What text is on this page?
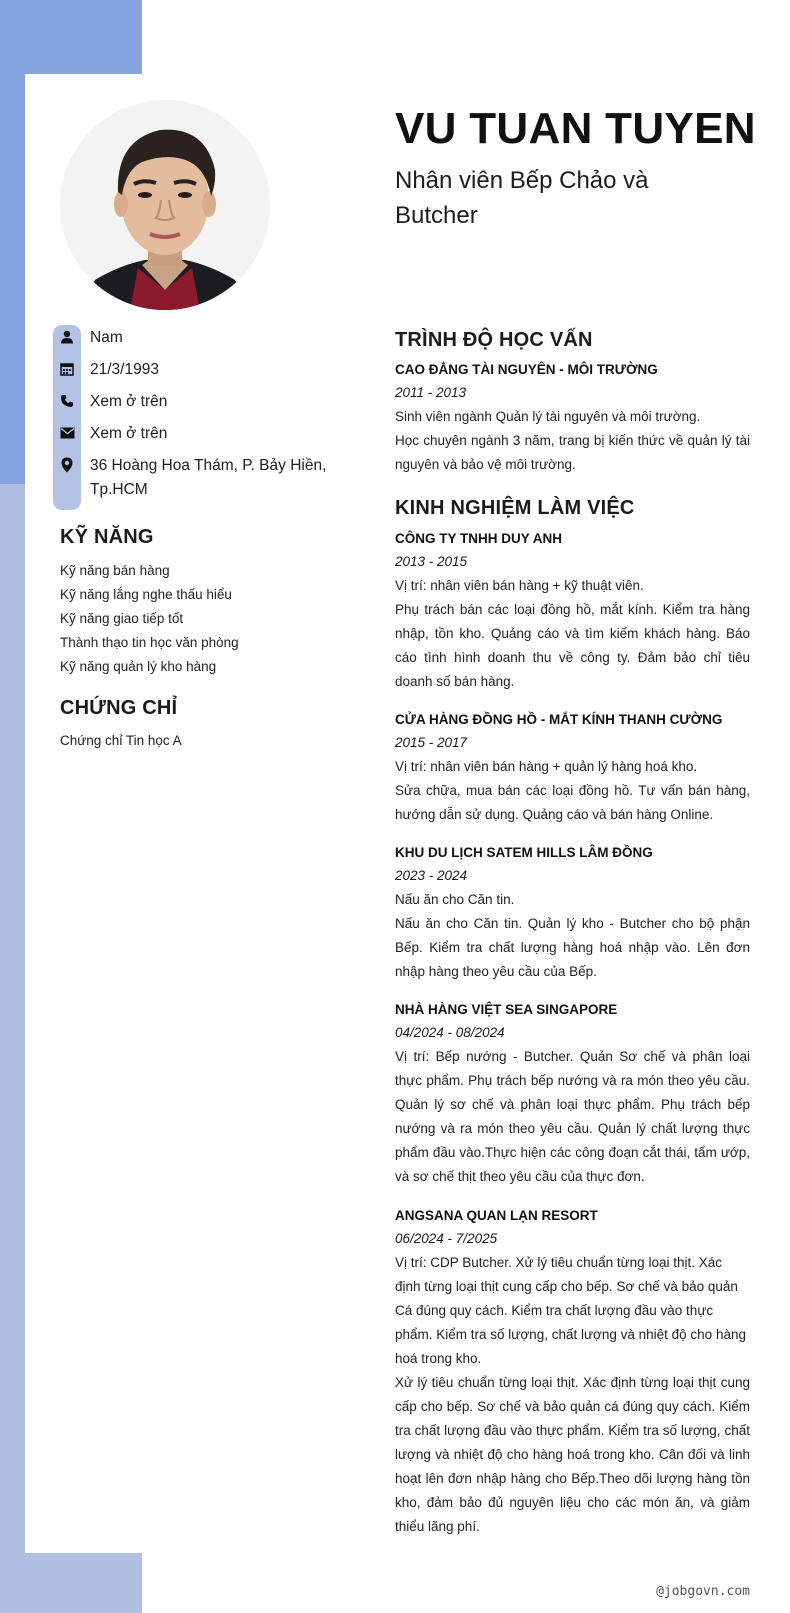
Nam
21/3/1993
Xem ở trên
Xem ở trên
36 Hoàng Hoa Thám, P. Bảy Hiền, Tp.HCM
KỸ NĂNG
Kỹ năng bán hàng
Kỹ năng lắng nghe thấu hiểu
Kỹ năng giao tiếp tốt
Thành thạo tin học văn phòng
Kỹ năng quản lý kho hàng
CHỨNG CHỈ
Chứng chỉ Tin học A
VU TUAN TUYEN
Nhân viên Bếp Chảo và Butcher
TRÌNH ĐỘ HỌC VẤN
CAO ĐẲNG TÀI NGUYÊN - MÔI TRƯỜNG
2011 - 2013
Sinh viên ngành Quản lý tài nguyên và môi trường.
Học chuyên ngành 3 năm, trang bị kiến thức về quản lý tài nguyên và bảo vệ môi trường.
KINH NGHIỆM LÀM VIỆC
CÔNG TY TNHH DUY ANH
2013 - 2015
Vị trí: nhân viên bán hàng + kỹ thuật viên.
Phụ trách bán các loại đồng hồ, mắt kính. Kiểm tra hàng nhập, tồn kho. Quảng cáo và tìm kiếm khách hàng. Báo cáo tình hình doanh thu về công ty. Đảm bảo chỉ tiêu doanh số bán hàng.
CỬA HÀNG ĐỒNG HỒ - MẮT KÍNH THANH CƯỜNG
2015 - 2017
Vị trí: nhân viên bán hàng + quản lý hàng hoá kho.
Sửa chữa, mua bán các loại đồng hồ. Tư vấn bán hàng, hướng dẫn sử dụng. Quảng cáo và bán hàng Online.
KHU DU LỊCH SATEM HILLS LÂM ĐỒNG
2023 - 2024
Nấu ăn cho Căn tin.
Nấu ăn cho Căn tin. Quản lý kho - Butcher cho bộ phận Bếp. Kiểm tra chất lượng hàng hoá nhập vào. Lên đơn nhập hàng theo yêu cầu của Bếp.
NHÀ HÀNG VIỆT SEA SINGAPORE
04/2024 - 08/2024
Vị trí: Bếp nướng - Butcher. Quản Sơ chế và phân loại thực phẩm. Phụ trách bếp nướng và ra món theo yêu cầu. Quản lý sơ chế và phân loại thực phẩm. Phụ trách bếp nướng và ra món theo yêu cầu. Quản lý chất lượng thực phẩm đầu vào.Thực hiện các công đoạn cắt thái, tẩm ướp, và sơ chế thịt theo yêu cầu của thực đơn.
ANGSANA QUAN LẠN RESORT
06/2024 - 7/2025
Vị trí: CDP Butcher. Xử lý tiêu chuẩn từng loại thịt. Xác định từng loại thịt cung cấp cho bếp. Sơ chế và bảo quản Cá đúng quy cách. Kiểm tra chất lượng đầu vào thực phẩm. Kiểm tra số lượng, chất lượng và nhiệt độ cho hàng hoá trong kho.
Xử lý tiêu chuẩn từng loại thịt. Xác định từng loại thịt cung cấp cho bếp. Sơ chế và bảo quản cá đúng quy cách. Kiểm tra chất lượng đầu vào thực phẩm. Kiểm tra số lượng, chất lượng và nhiệt độ cho hàng hoá trong kho. Cân đối và linh hoạt lên đơn nhập hàng cho Bếp.Theo dõi lượng hàng tồn kho, đảm bảo đủ nguyên liệu cho các món ăn, và giảm thiểu lãng phí.
@jobgovn.com
